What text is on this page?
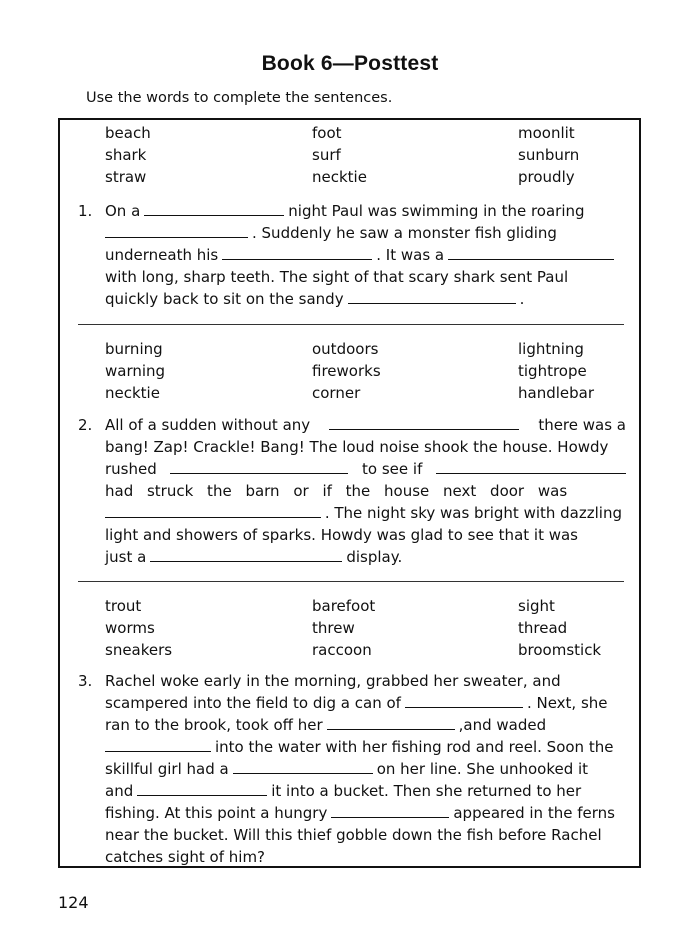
Book 6—Posttest
Use the words to complete the sentences.
beach	foot	moonlit
shark	surf	sunburn
straw	necktie	proudly
1. On a	night Paul was swimming in the roaring
. Suddenly he saw a monster fish gliding
underneath his	. It was a
with long, sharp teeth. The sight of that scary shark sent Paul
quickly back to sit on the sandy	.
burning	outdoors	lightning
warning	fireworks	tightrope
necktie	corner	handlebar
2. All of a sudden without any	there was a
bang! Zap! Crackle! Bang! The loud noise shook the house. Howdy
rushed	to see if
had struck the barn or if the house next door was
. The night sky was bright with dazzling
light and showers of sparks. Howdy was glad to see that it was
just a	display.
trout	barefoot	sight
worms	threw	thread
sneakers	raccoon	broomstick
3. Rachel woke early in the morning, grabbed her sweater, and
scampered into the field to dig a can of	. Next, she
ran to the brook, took off her	,and waded
into the water with her fishing rod and reel. Soon the
skillful girl had a	on her line. She unhooked it
and	it into a bucket. Then she returned to her
fishing. At this point a hungry	appeared in the ferns
near the bucket. Will this thief gobble down the fish before Rachel
catches sight of him?
124
